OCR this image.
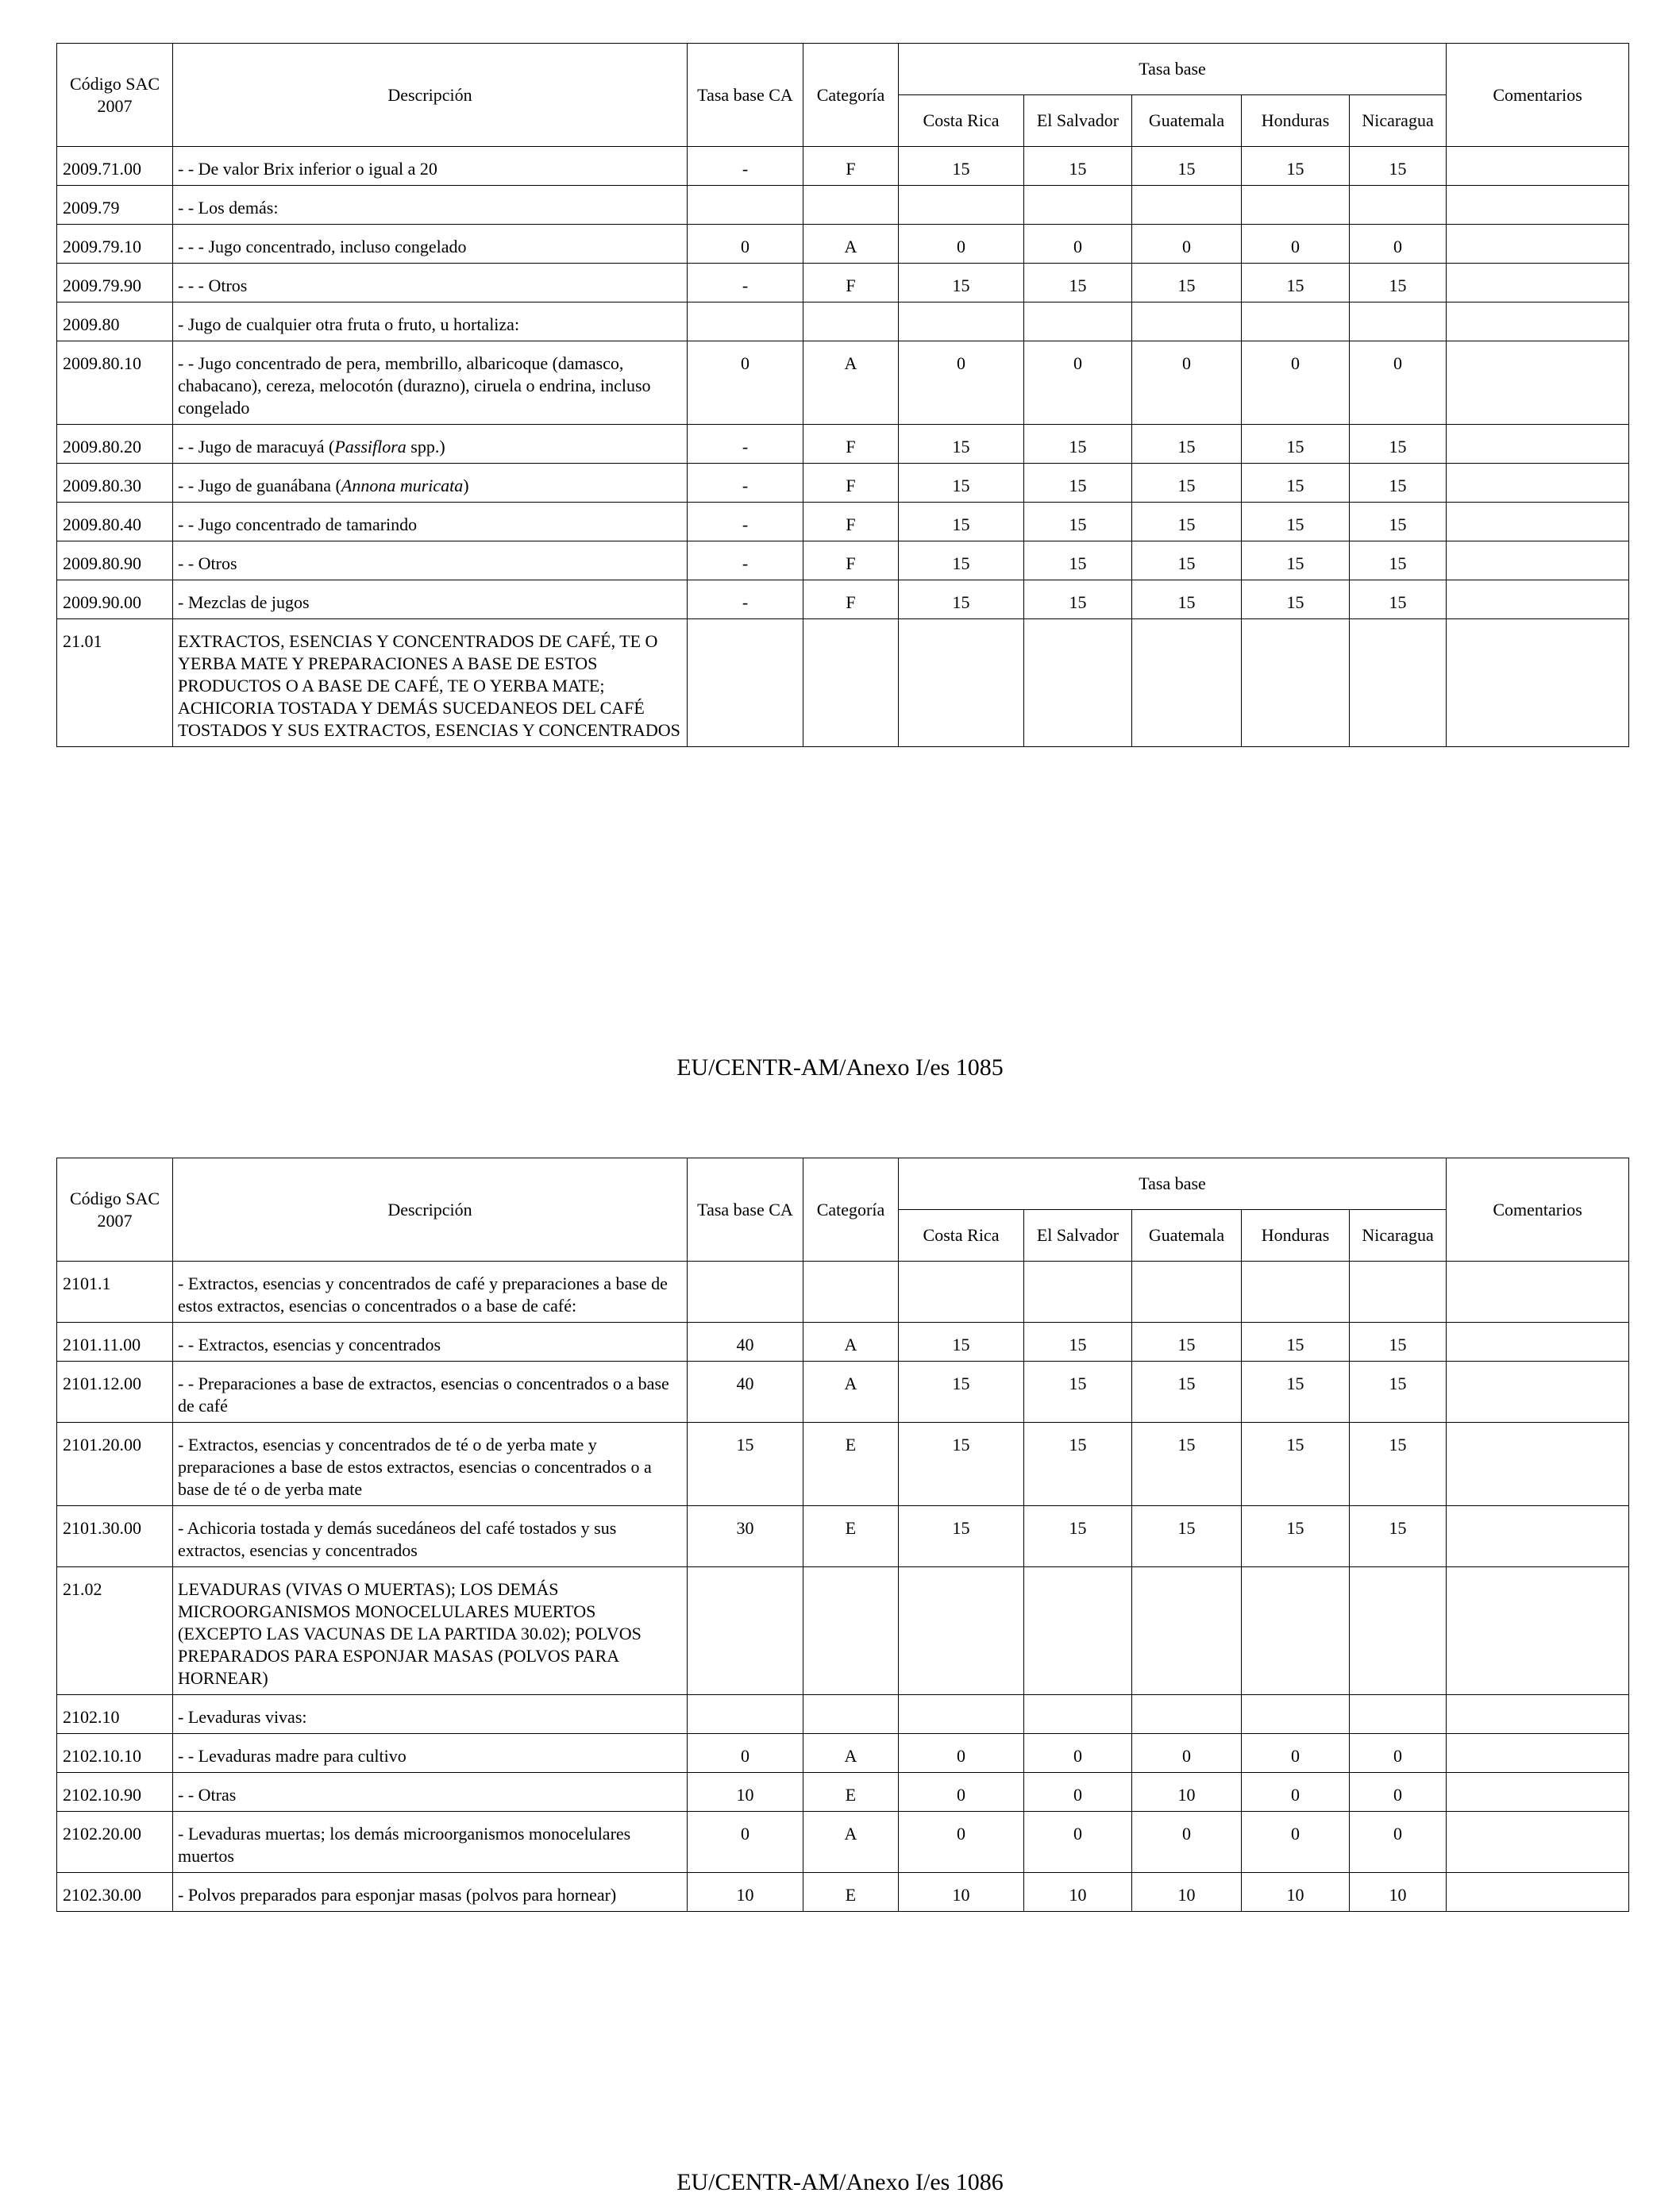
Código SAC 2007	Descripción	Tasa base CA	Categoría	Tasa base					Comentarios
				Costa Rica	El Salvador	Guatemala	Honduras	Nicaragua	
2009.71.00	- - De valor Brix inferior o igual a 20	-	F	15	15	15	15	15	
2009.79	- - Los demás:								
2009.79.10	- - - Jugo concentrado, incluso congelado	0	A	0	0	0	0	0	
2009.79.90	- - - Otros	-	F	15	15	15	15	15	
2009.80	- Jugo de cualquier otra fruta o fruto, u hortaliza:								
2009.80.10	- - Jugo concentrado de pera, membrillo, albaricoque (damasco, chabacano), cereza, melocotón (durazno), ciruela o endrina, incluso congelado	0	A	0	0	0	0	0	
2009.80.20	- - Jugo de maracuyá (Passiflora spp.)	-	F	15	15	15	15	15	
2009.80.30	- - Jugo de guanábana (Annona muricata)	-	F	15	15	15	15	15	
2009.80.40	- - Jugo concentrado de tamarindo	-	F	15	15	15	15	15	
2009.80.90	- - Otros	-	F	15	15	15	15	15	
2009.90.00	- Mezclas de jugos	-	F	15	15	15	15	15	
21.01	EXTRACTOS, ESENCIAS Y CONCENTRADOS DE CAFÉ, TE O YERBA MATE Y PREPARACIONES A BASE DE ESTOS PRODUCTOS O A BASE DE CAFÉ, TE O YERBA MATE; ACHICORIA TOSTADA Y DEMÁS SUCEDANEOS DEL CAFÉ TOSTADOS Y SUS EXTRACTOS, ESENCIAS Y CONCENTRADOS								
EU/CENTR-AM/Anexo I/es 1085
Código SAC 2007	Descripción	Tasa base CA	Categoría	Tasa base					Comentarios
				Costa Rica	El Salvador	Guatemala	Honduras	Nicaragua	
2101.1	- Extractos, esencias y concentrados de café y preparaciones a base de estos extractos, esencias o concentrados o a base de café:								
2101.11.00	- - Extractos, esencias y concentrados	40	A	15	15	15	15	15	
2101.12.00	- - Preparaciones a base de extractos, esencias o concentrados o a base de café	40	A	15	15	15	15	15	
2101.20.00	- Extractos, esencias y concentrados de té o de yerba mate y preparaciones a base de estos extractos, esencias o concentrados o a base de té o de yerba mate	15	E	15	15	15	15	15	
2101.30.00	- Achicoria tostada y demás sucedáneos del café tostados y sus extractos, esencias y concentrados	30	E	15	15	15	15	15	
21.02	LEVADURAS (VIVAS O MUERTAS); LOS DEMÁS MICROORGANISMOS MONOCELULARES MUERTOS (EXCEPTO LAS VACUNAS DE LA PARTIDA 30.02); POLVOS PREPARADOS PARA ESPONJAR MASAS (POLVOS PARA HORNEAR)								
2102.10	- Levaduras vivas:								
2102.10.10	- - Levaduras madre para cultivo	0	A	0	0	0	0	0	
2102.10.90	- - Otras	10	E	0	0	10	0	0	
2102.20.00	- Levaduras muertas; los demás microorganismos monocelulares muertos	0	A	0	0	0	0	0	
2102.30.00	- Polvos preparados para esponjar masas (polvos para hornear)	10	E	10	10	10	10	10	
EU/CENTR-AM/Anexo I/es 1086
